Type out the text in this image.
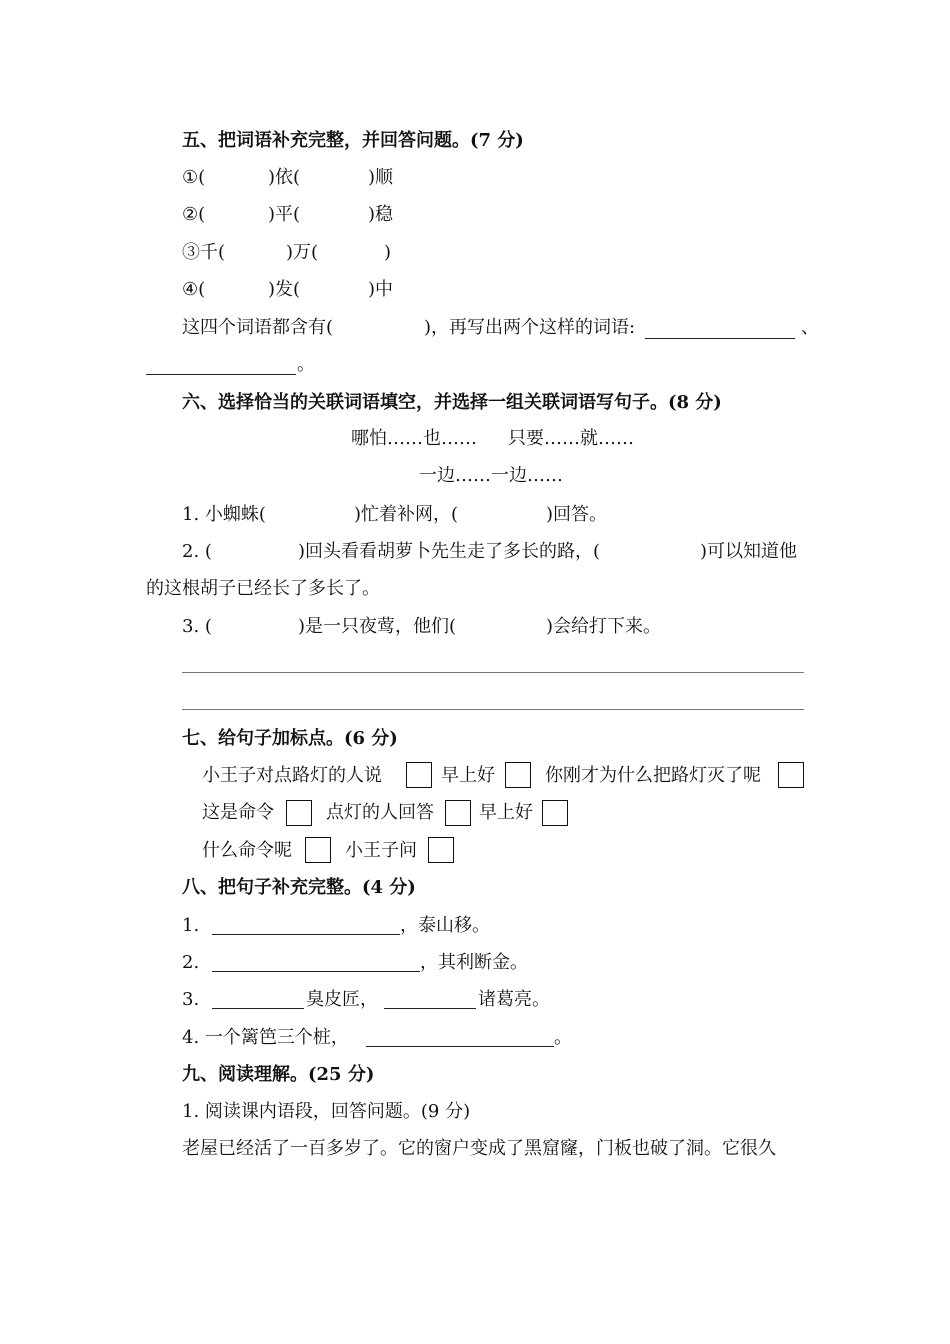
五、把词语补充完整，并回答问题。(7 分)
①(	)依(	)顺
②(	)平(	)稳
③千(	)万(	)
④(	)发(	)中
这四个词语都含有(	)，再写出两个这样的词语:	、
。
六、选择恰当的关联词语填空，并选择一组关联词语写句子。(8 分)
哪怕……也…… 只要……就……
一边……一边……
1. 小蜘蛛(	)忙着补网，(	)回答。
2. (	)回头看看胡萝卜先生走了多长的路，(	)可以知道他
的这根胡子已经长了多长了。
3. (	)是一只夜莺，他们(	)会给打下来。
七、给句子加标点。(6 分)
小王子对点路灯的人说	早上好	你刚才为什么把路灯灭了呢
这是命令	点灯的人回答	早上好
什么命令呢	小王子问
八、把句子补充完整。(4 分)
1.	，泰山移。
2.	，其利断金。
3.	臭皮匠，	诸葛亮。
4. 一个篱笆三个桩，	。
九、阅读理解。(25 分)
1. 阅读课内语段，回答问题。(9 分)
老屋已经活了一百多岁了。它的窗户变成了黑窟窿，门板也破了洞。它很久
